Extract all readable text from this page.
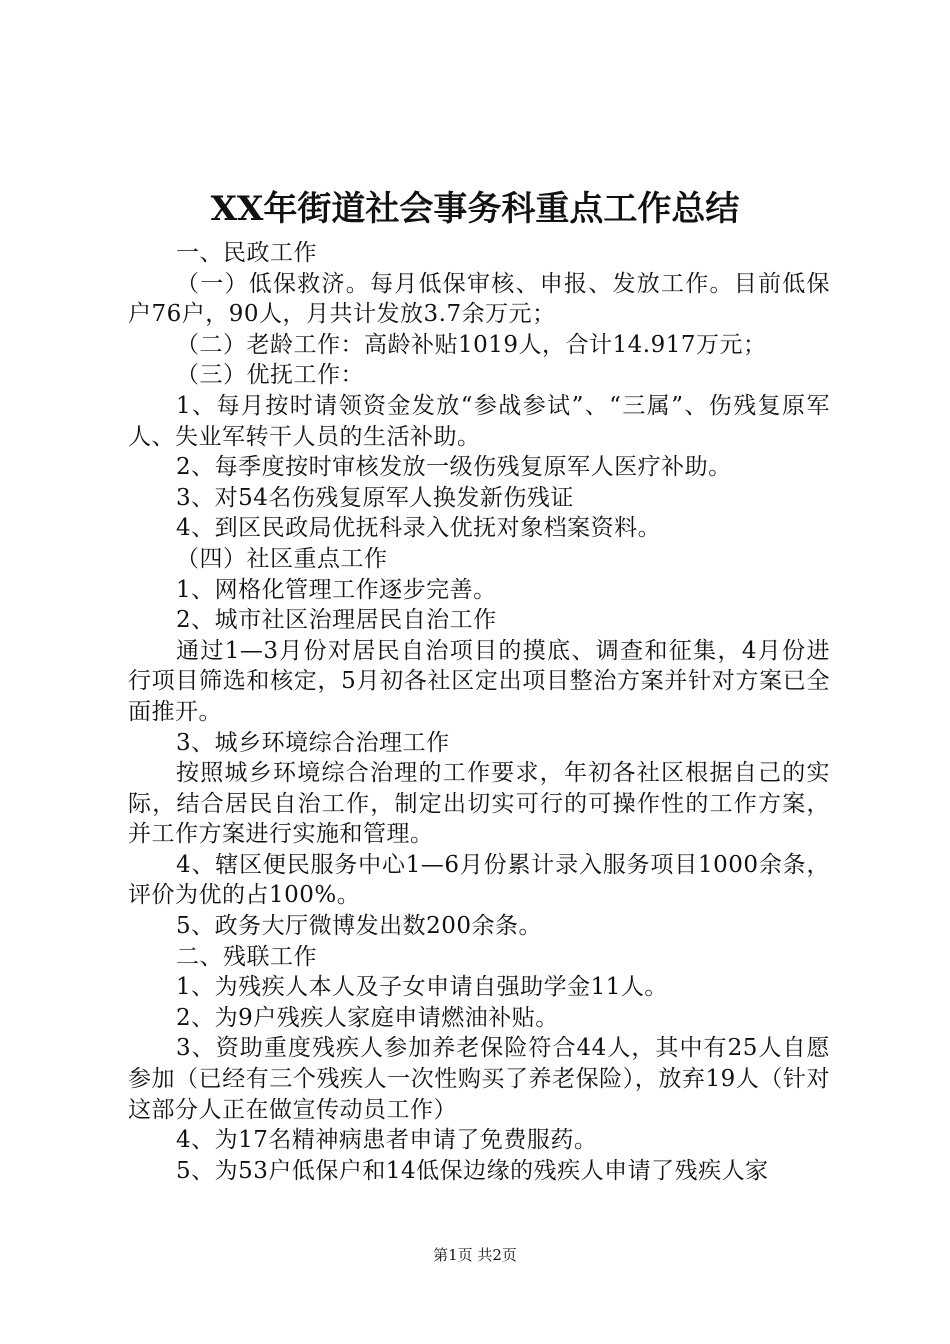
XX年街道社会事务科重点工作总结

一、民政工作

（一）低保救济。每月低保审核、申报、发放工作。目前低保户76户，90人，月共计发放3.7余万元；

（二）老龄工作：高龄补贴1019人，合计14.917万元；

（三）优抚工作：

1、每月按时请领资金发放“参战参试”、“三属”、伤残复原军人、失业军转干人员的生活补助。

2、每季度按时审核发放一级伤残复原军人医疗补助。

3、对54名伤残复原军人换发新伤残证

4、到区民政局优抚科录入优抚对象档案资料。

（四）社区重点工作

1、网格化管理工作逐步完善。

2、城市社区治理居民自治工作

通过1—3月份对居民自治项目的摸底、调查和征集，4月份进行项目筛选和核定，5月初各社区定出项目整治方案并针对方案已全面推开。

3、城乡环境综合治理工作

按照城乡环境综合治理的工作要求，年初各社区根据自己的实际，结合居民自治工作，制定出切实可行的可操作性的工作方案，并工作方案进行实施和管理。

4、辖区便民服务中心1—6月份累计录入服务项目1000余条，评价为优的占100%。

5、政务大厅微博发出数200余条。

二、残联工作

1、为残疾人本人及子女申请自强助学金11人。

2、为9户残疾人家庭申请燃油补贴。

3、资助重度残疾人参加养老保险符合44人，其中有25人自愿参加（已经有三个残疾人一次性购买了养老保险），放弃19人（针对这部分人正在做宣传动员工作）

4、为17名精神病患者申请了免费服药。

5、为53户低保户和14低保边缘的残疾人申请了残疾人家

第1页 共2页
